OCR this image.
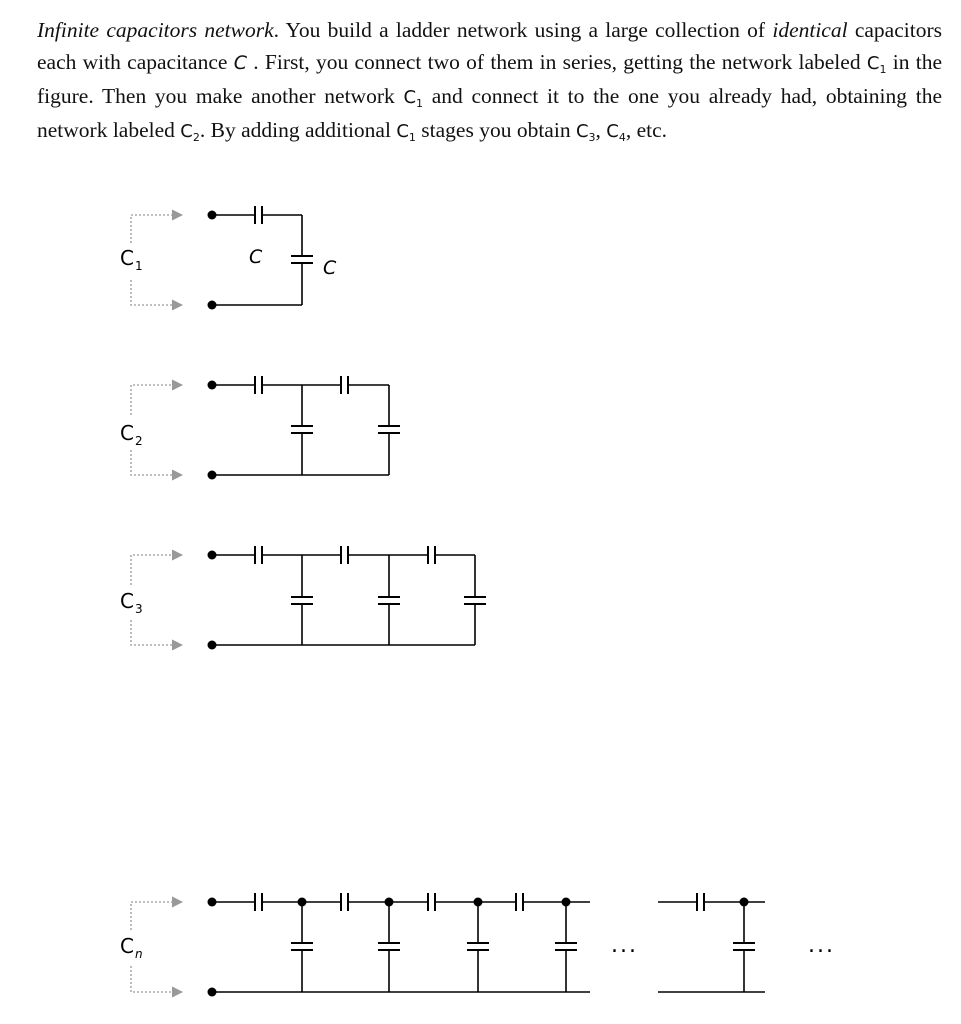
Infinite capacitors network. You build a ladder network using a large collection of identical capacitors each with capacitance C . First, you connect two of them in series, getting the network labeled $C_1$ in the figure. Then you make another network $C_1$ and connect it to the one you already had, obtaining the network labeled $C_2$. By adding additional $C_1$ stages you obtain $C_3$, $C_4$, etc.
$C_1$	C	C
$C_2$
$C_3$
$C_n$	...	...
